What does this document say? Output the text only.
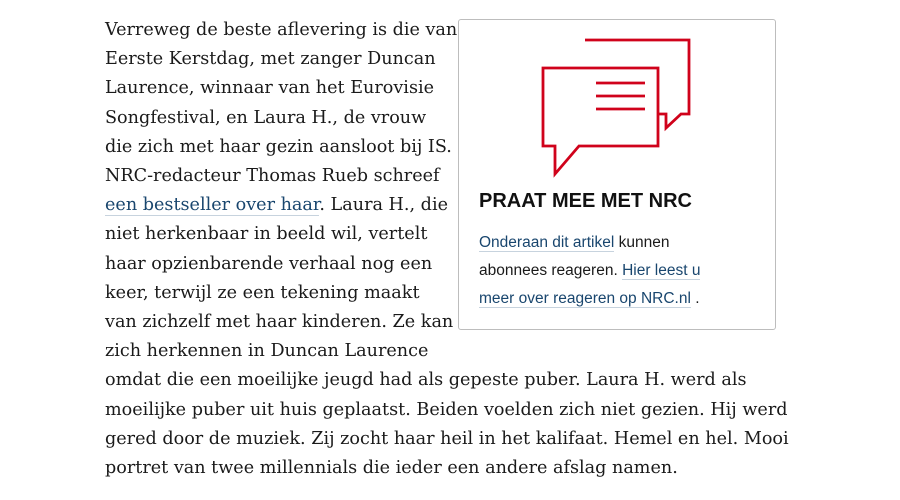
Verreweg de beste aflevering is die van
Eerste Kerstdag, met zanger Duncan
Laurence, winnaar van het Eurovisie
Songfestival, en Laura H., de vrouw
die zich met haar gezin aansloot bij IS.
NRC-redacteur Thomas Rueb schreef
een bestseller over haar. Laura H., die
niet herkenbaar in beeld wil, vertelt
haar opzienbarende verhaal nog een
keer, terwijl ze een tekening maakt
van zichzelf met haar kinderen. Ze kan
zich herkennen in Duncan Laurence
omdat die een moeilijke jeugd had als gepeste puber. Laura H. werd als
moeilijke puber uit huis geplaatst. Beiden voelden zich niet gezien. Hij werd
gered door de muziek. Zij zocht haar heil in het kalifaat. Hemel en hel. Mooi
portret van twee millennials die ieder een andere afslag namen.
PRAAT MEE MET NRC

Onderaan dit artikel kunnen
abonnees reageren. Hier leest u
meer over reageren op NRC.nl .
